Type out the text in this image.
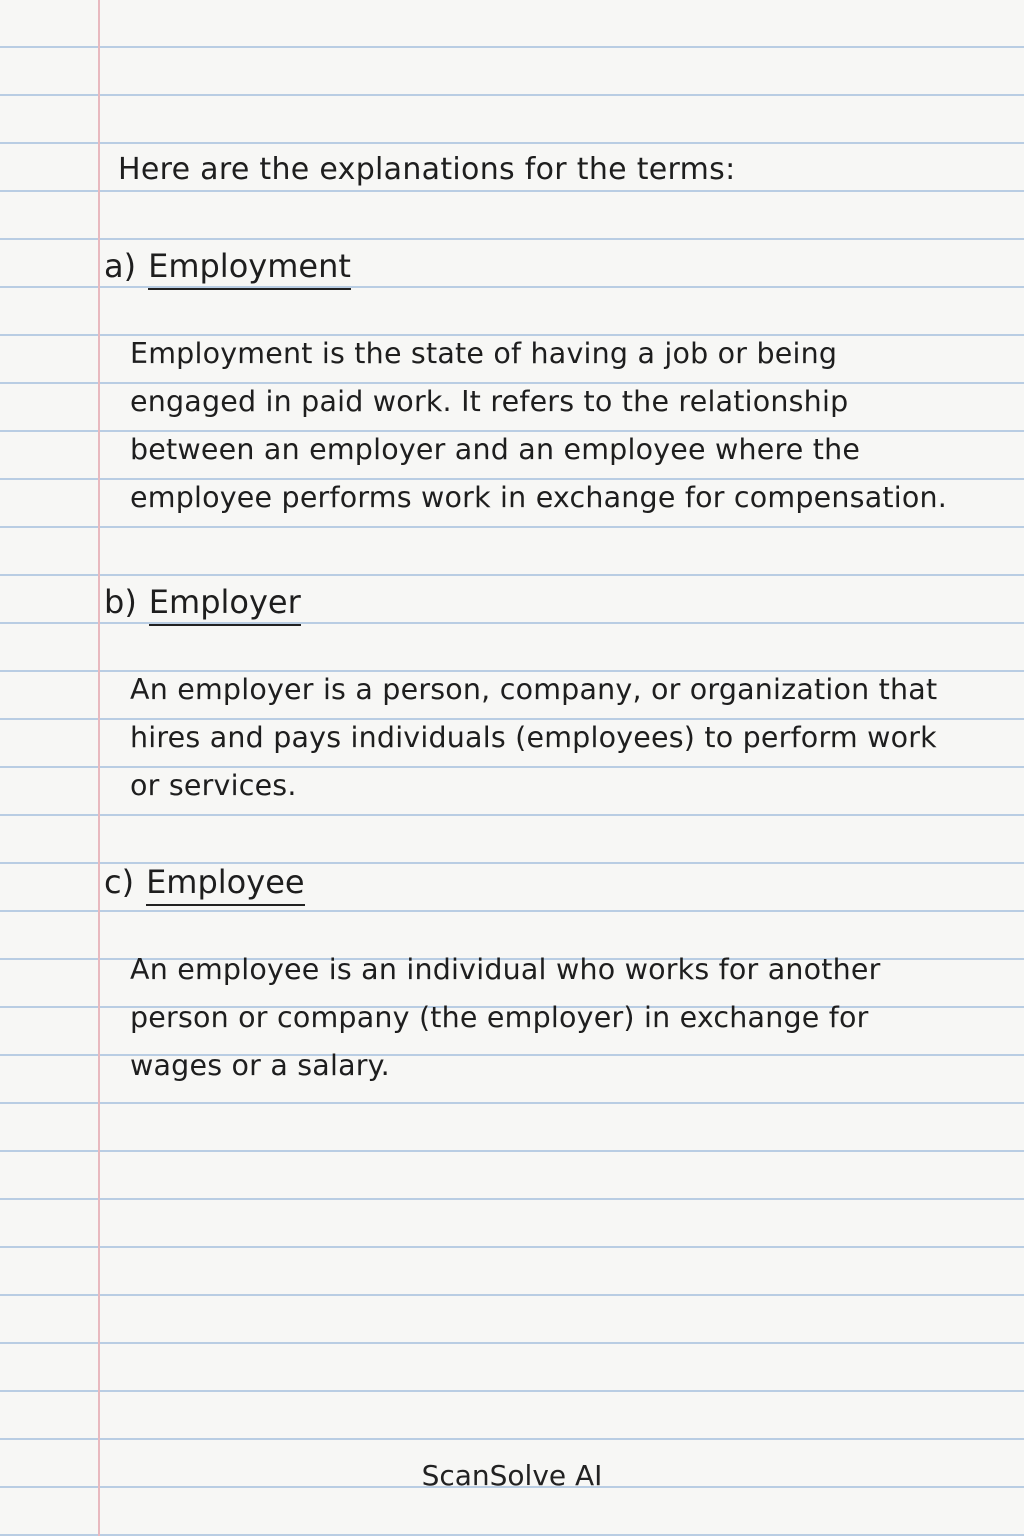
Here are the explanations for the terms:
a) Employment
Employment is the state of having a job or being engaged in paid work. It refers to the relationship between an employer and an employee where the employee performs work in exchange for compensation.
b) Employer
An employer is a person, company, or organization that hires and pays individuals (employees) to perform work or services.
c) Employee
An employee is an individual who works for another person or company (the employer) in exchange for wages or a salary.
ScanSolve AI
